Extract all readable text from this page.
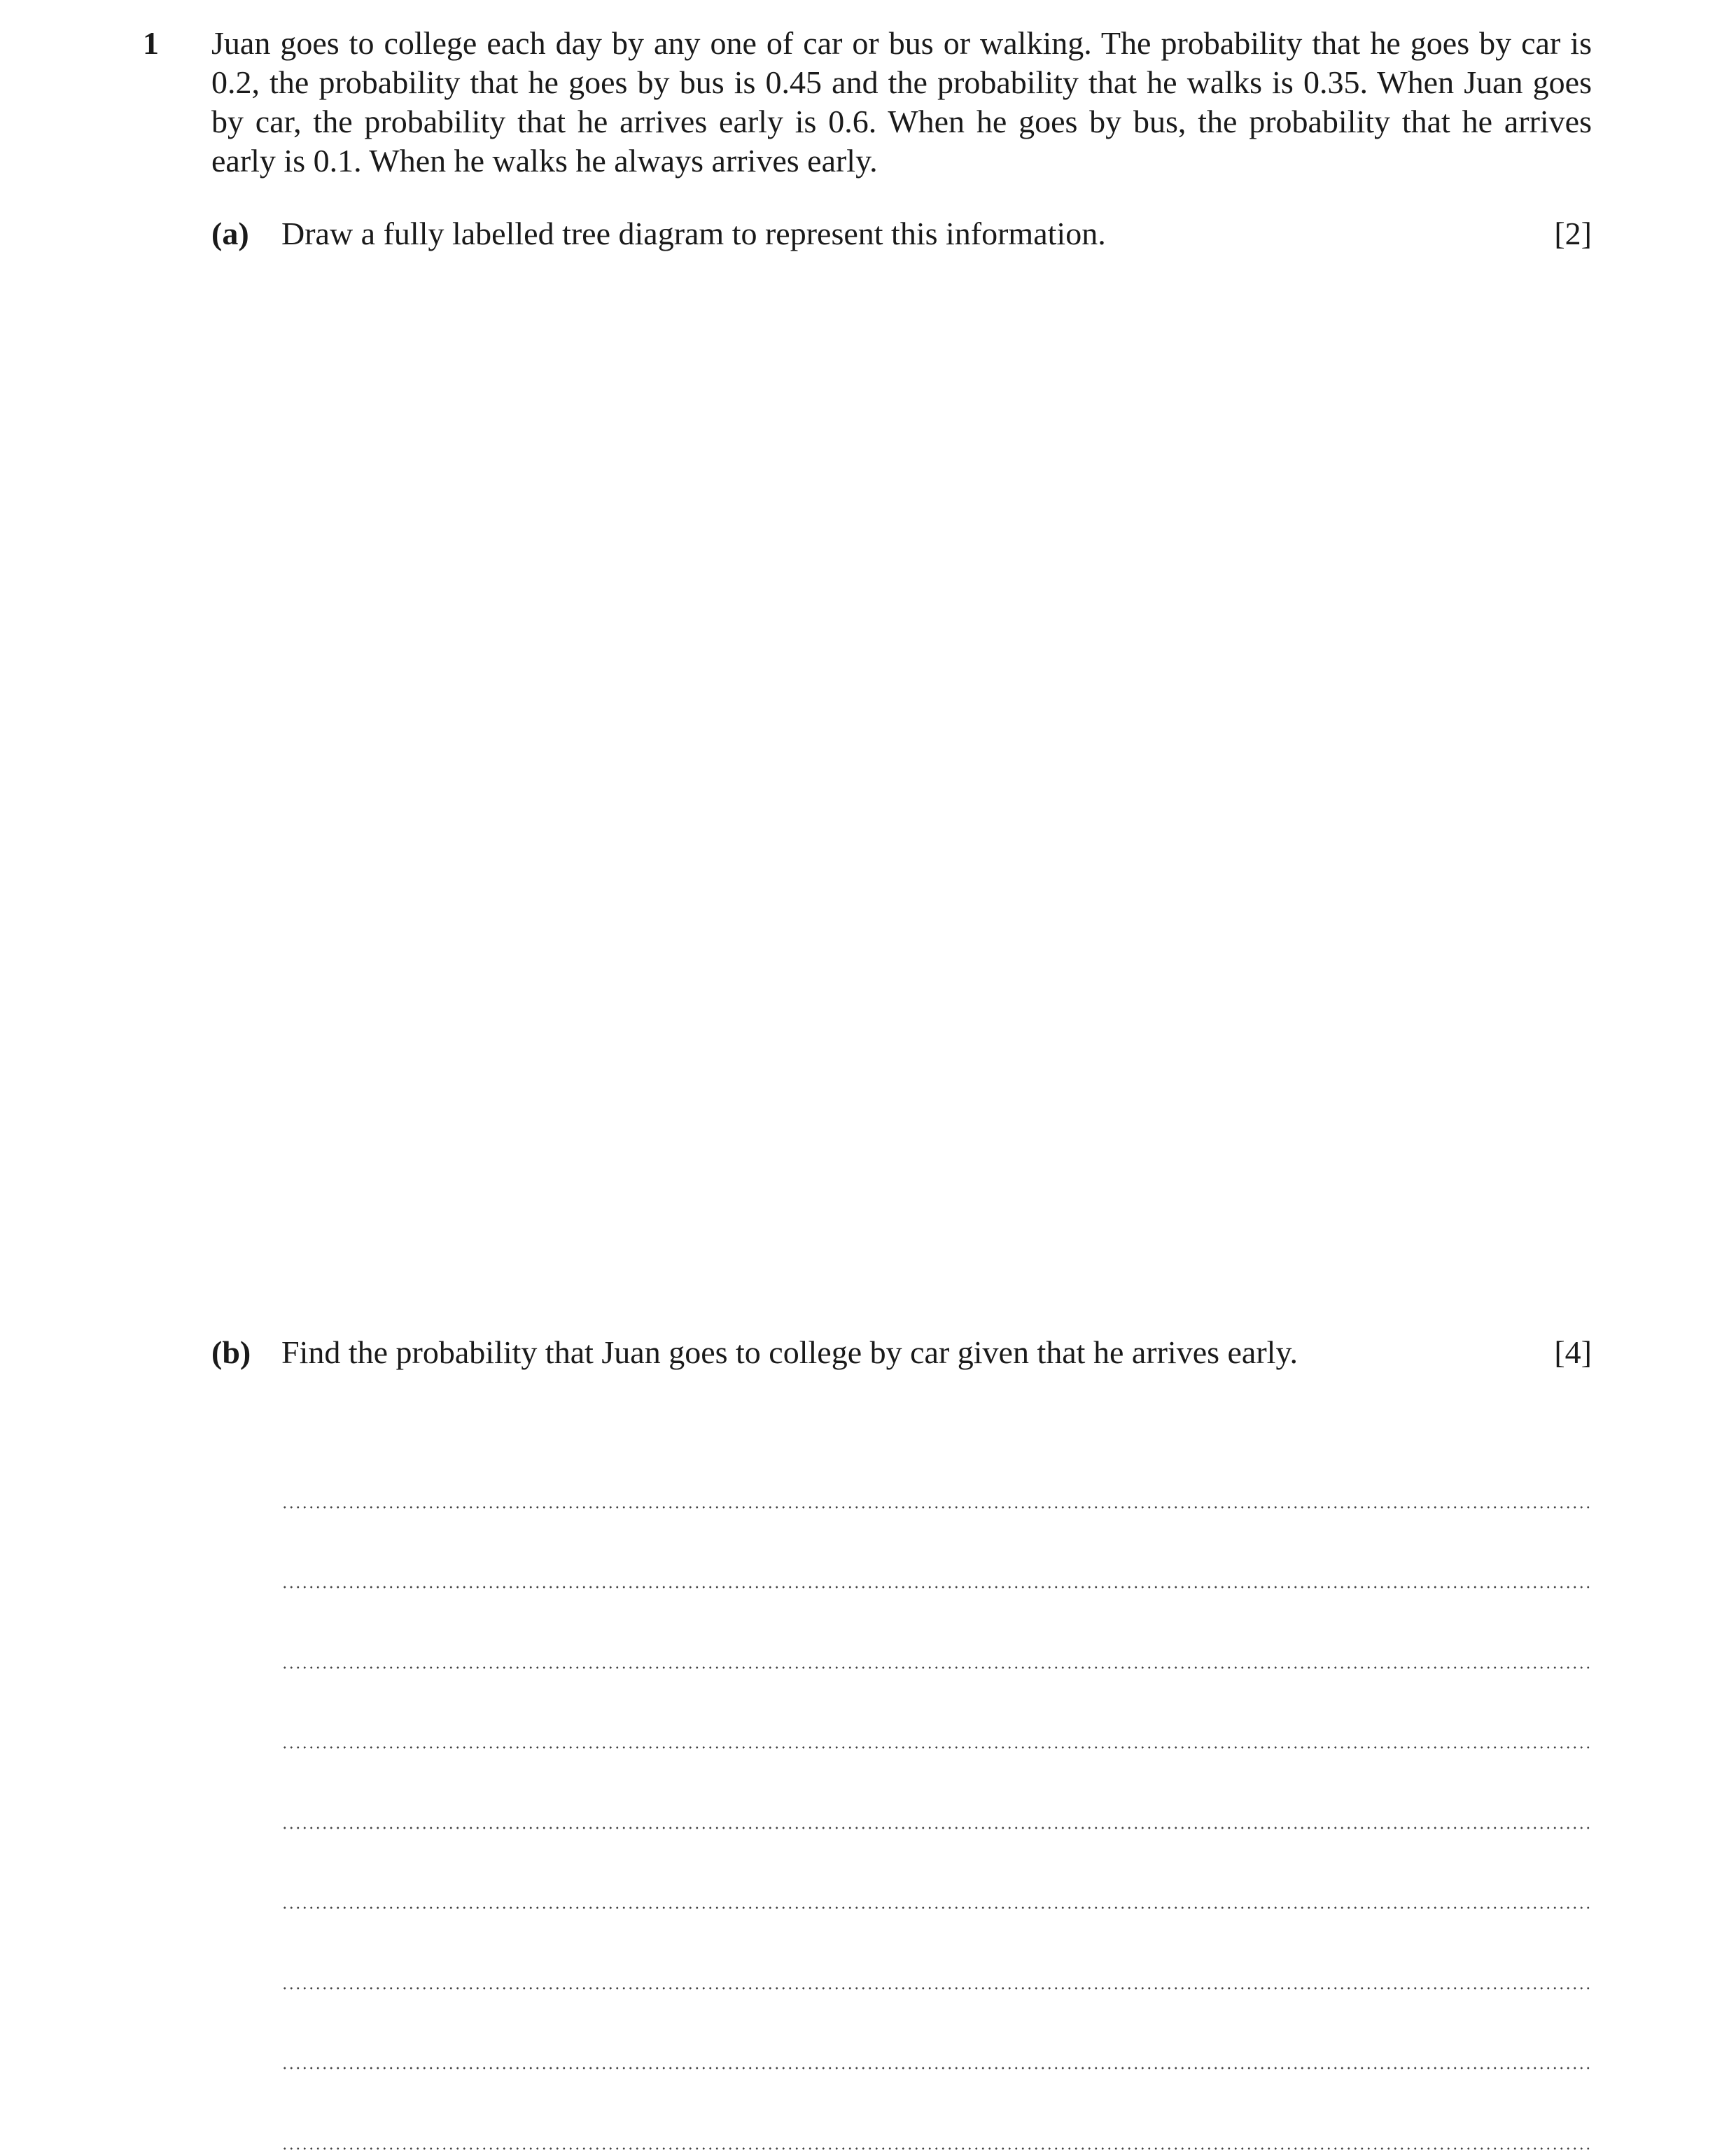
1 Juan goes to college each day by any one of car or bus or walking. The probability that he goes by car is 0.2, the probability that he goes by bus is 0.45 and the probability that he walks is 0.35. When Juan goes by car, the probability that he arrives early is 0.6. When he goes by bus, the probability that he arrives early is 0.1. When he walks he always arrives early.

(a) Draw a fully labelled tree diagram to represent this information.	[2]
(b) Find the probability that Juan goes to college by car given that he arrives early.	[4]
